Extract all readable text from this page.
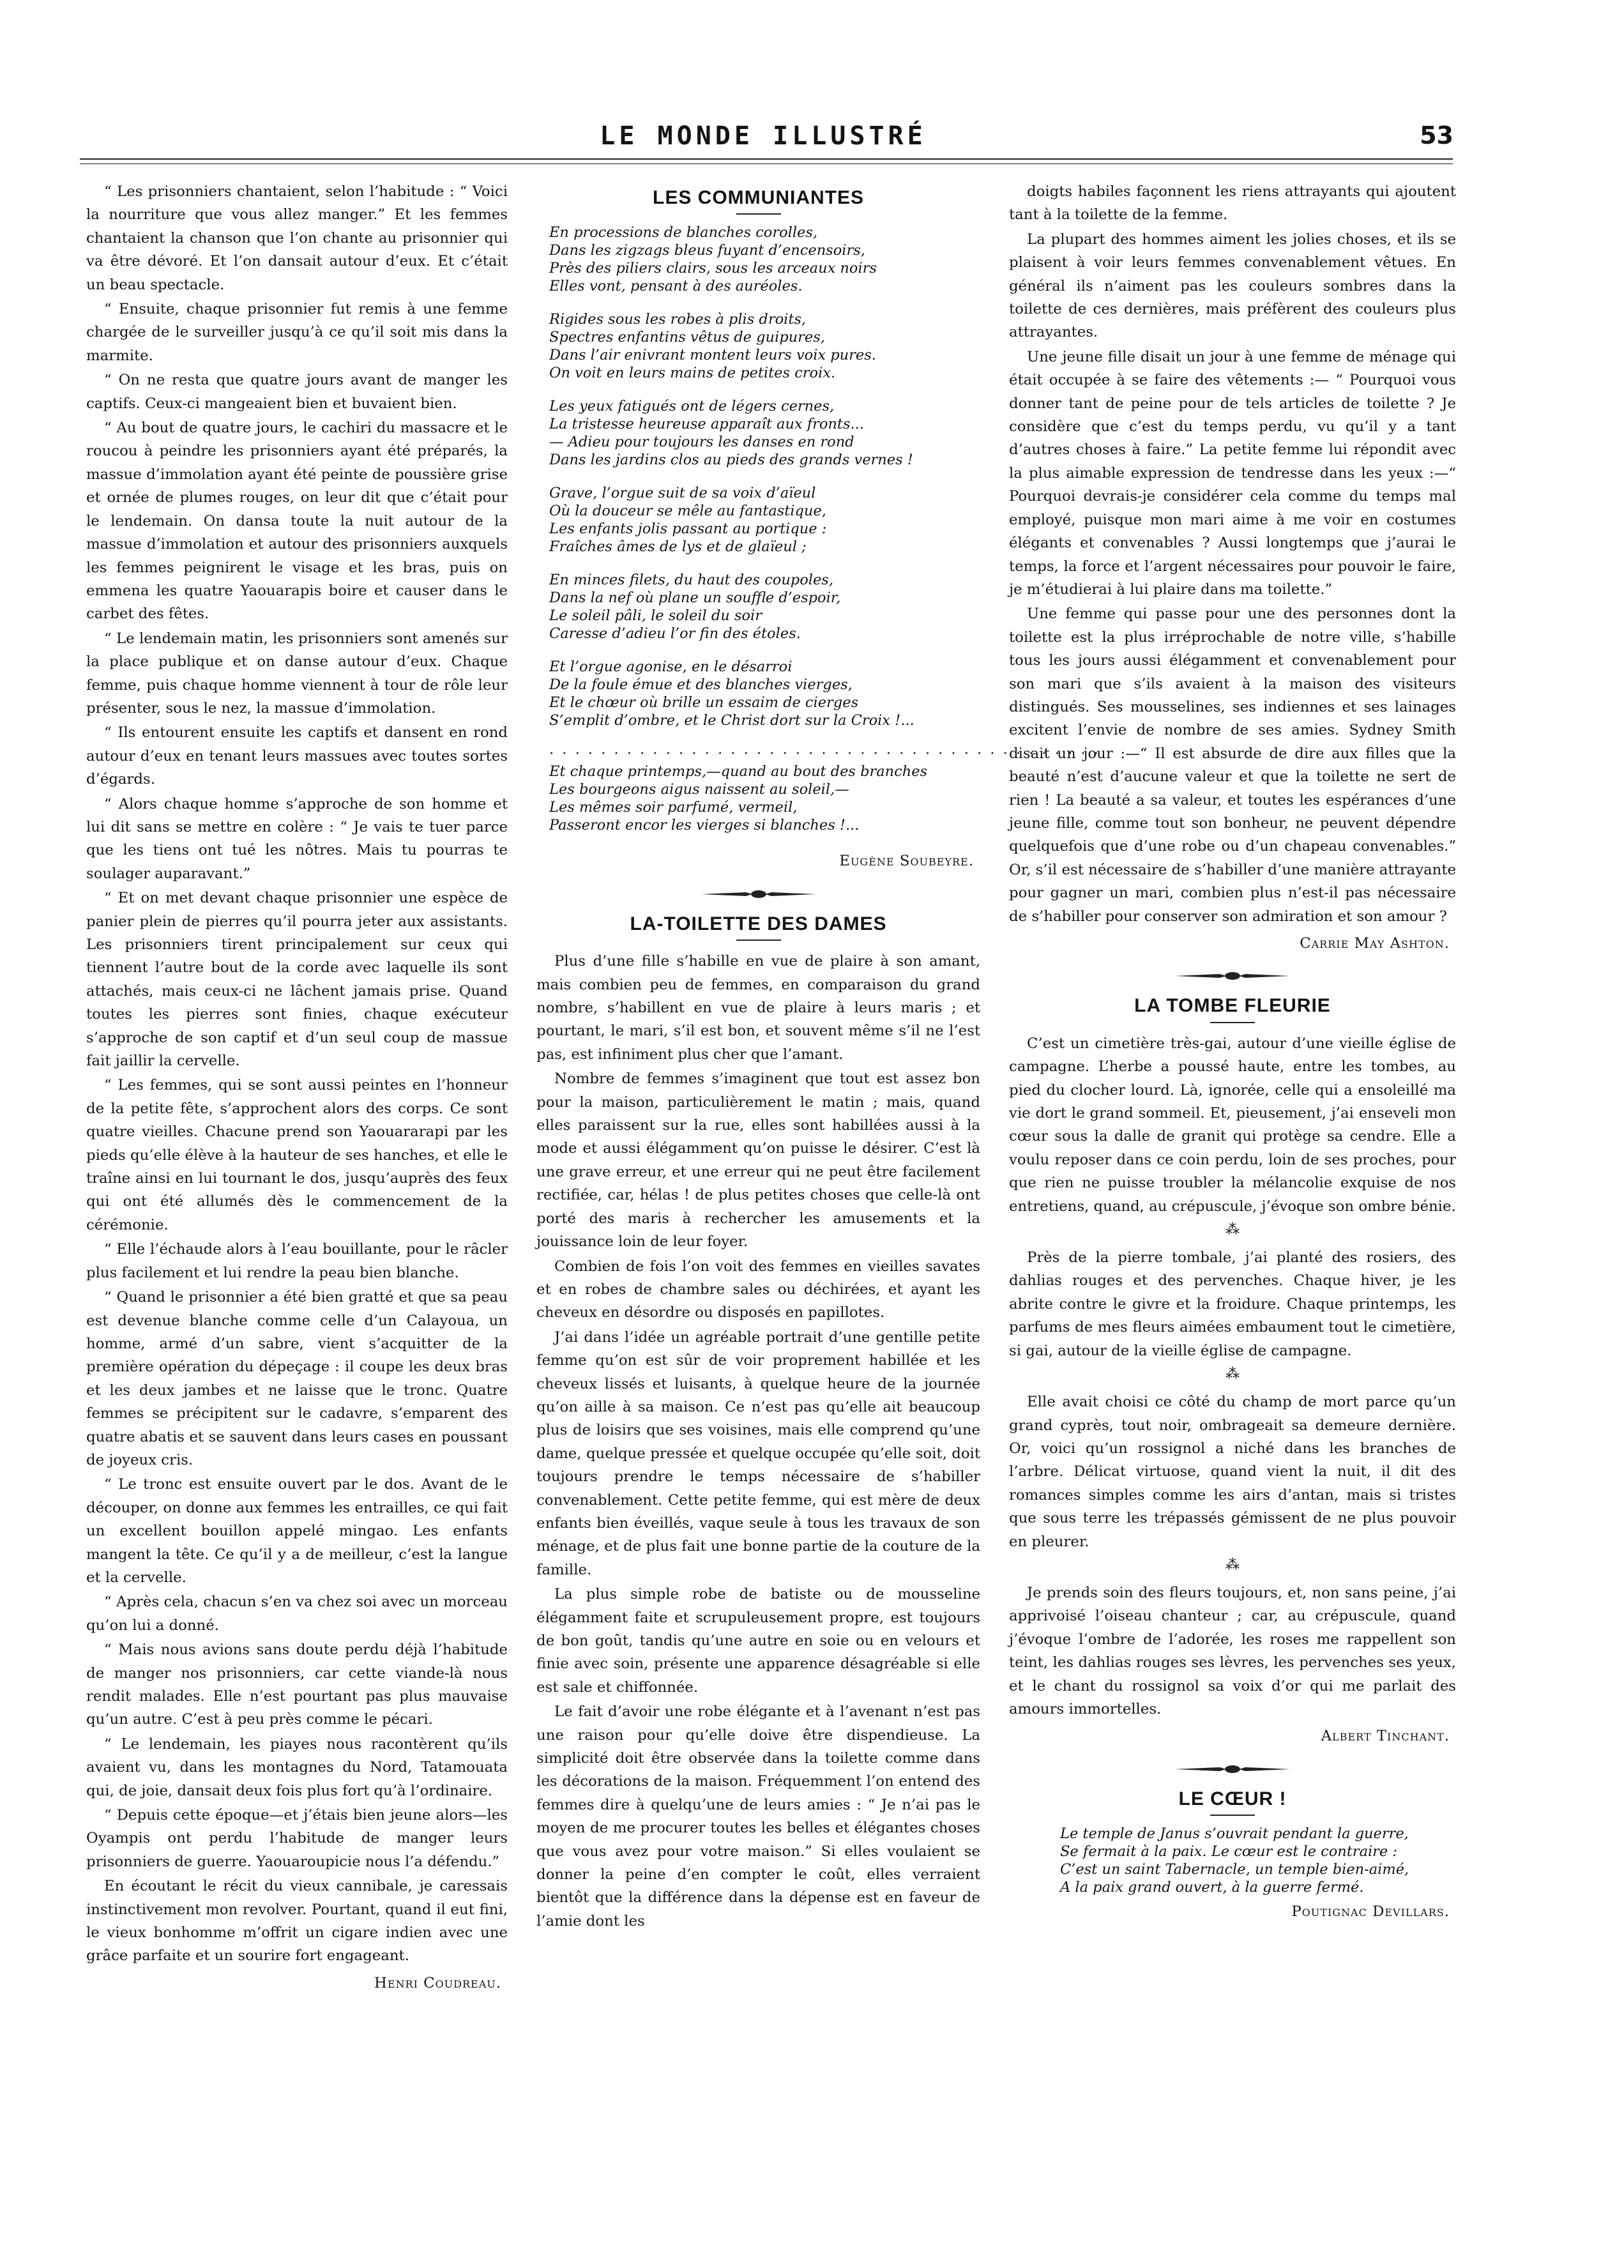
LE MONDE ILLUSTRÉ	53

“ Les prisonniers chantaient, selon l’habitude : “ Voici la nourriture que vous allez manger.” Et les femmes chantaient la chanson que l’on chante au prisonnier qui va être dévoré. Et l’on dansait autour d’eux. Et c’était un beau spectacle.

“ Ensuite, chaque prisonnier fut remis à une femme chargée de le surveiller jusqu’à ce qu’il soit mis dans la marmite.

“ On ne resta que quatre jours avant de manger les captifs. Ceux-ci mangeaient bien et buvaient bien.

“ Au bout de quatre jours, le cachiri du massacre et le roucou à peindre les prisonniers ayant été préparés, la massue d’immolation ayant été peinte de poussière grise et ornée de plumes rouges, on leur dit que c’était pour le lendemain. On dansa toute la nuit autour de la massue d’immolation et autour des prisonniers auxquels les femmes peignirent le visage et les bras, puis on emmena les quatre Yaouarapis boire et causer dans le carbet des fêtes.

“ Le lendemain matin, les prisonniers sont amenés sur la place publique et on danse autour d’eux. Chaque femme, puis chaque homme viennent à tour de rôle leur présenter, sous le nez, la massue d’immolation.

“ Ils entourent ensuite les captifs et dansent en rond autour d’eux en tenant leurs massues avec toutes sortes d’égards.

“ Alors chaque homme s’approche de son homme et lui dit sans se mettre en colère : “ Je vais te tuer parce que les tiens ont tué les nôtres. Mais tu pourras te soulager auparavant.”

“ Et on met devant chaque prisonnier une espèce de panier plein de pierres qu’il pourra jeter aux assistants. Les prisonniers tirent principalement sur ceux qui tiennent l’autre bout de la corde avec laquelle ils sont attachés, mais ceux-ci ne lâchent jamais prise. Quand toutes les pierres sont finies, chaque exécuteur s’approche de son captif et d’un seul coup de massue fait jaillir la cervelle.

“ Les femmes, qui se sont aussi peintes en l’honneur de la petite fête, s’approchent alors des corps. Ce sont quatre vieilles. Chacune prend son Yaouararapi par les pieds qu’elle élève à la hauteur de ses hanches, et elle le traîne ainsi en lui tournant le dos, jusqu’auprès des feux qui ont été allumés dès le commencement de la cérémonie.

“ Elle l’échaude alors à l’eau bouillante, pour le râcler plus facilement et lui rendre la peau bien blanche.

“ Quand le prisonnier a été bien gratté et que sa peau est devenue blanche comme celle d’un Calayoua, un homme, armé d’un sabre, vient s’acquitter de la première opération du dépeçage : il coupe les deux bras et les deux jambes et ne laisse que le tronc. Quatre femmes se précipitent sur le cadavre, s’emparent des quatre abatis et se sauvent dans leurs cases en poussant de joyeux cris.

“ Le tronc est ensuite ouvert par le dos. Avant de le découper, on donne aux femmes les entrailles, ce qui fait un excellent bouillon appelé mingao. Les enfants mangent la tête. Ce qu’il y a de meilleur, c’est la langue et la cervelle.

“ Après cela, chacun s’en va chez soi avec un morceau qu’on lui a donné.

“ Mais nous avions sans doute perdu déjà l’habitude de manger nos prisonniers, car cette viande-là nous rendit malades. Elle n’est pourtant pas plus mauvaise qu’un autre. C’est à peu près comme le pécari.

“ Le lendemain, les piayes nous racontèrent qu’ils avaient vu, dans les montagnes du Nord, Tatamouata qui, de joie, dansait deux fois plus fort qu’à l’ordinaire.

“ Depuis cette époque—et j’étais bien jeune alors—les Oyampis ont perdu l’habitude de manger leurs prisonniers de guerre. Yaouaroupicie nous l’a défendu.”

En écoutant le récit du vieux cannibale, je caressais instinctivement mon revolver. Pourtant, quand il eut fini, le vieux bonhomme m’offrit un cigare indien avec une grâce parfaite et un sourire fort engageant.

Henri Coudreau.
LES COMMUNIANTES
En processions de blanches corolles,
Dans les zigzags bleus fuyant d’encensoirs,
Près des piliers clairs, sous les arceaux noirs
Elles vont, pensant à des auréoles.
Rigides sous les robes à plis droits,
Spectres enfantins vêtus de guipures,
Dans l’air enivrant montent leurs voix pures.
On voit en leurs mains de petites croix.
Les yeux fatigués ont de légers cernes,
La tristesse heureuse apparaît aux fronts...
— Adieu pour toujours les danses en rond
Dans les jardins clos au pieds des grands vernes !
Grave, l’orgue suit de sa voix d’aïeul
Où la douceur se mêle au fantastique,
Les enfants jolis passant au portique :
Fraîches âmes de lys et de glaïeul ;
En minces filets, du haut des coupoles,
Dans la nef où plane un souffle d’espoir,
Le soleil pâli, le soleil du soir
Caresse d’adieu l’or fin des étoles.
Et l’orgue agonise, en le désarroi
De la foule émue et des blanches vierges,
Et le chœur où brille un essaim de cierges
S’emplit d’ombre, et le Christ dort sur la Croix !...
· · · · · · · · · · · · · · · · · · · · · · · · · · · · · · · · · · · · · · · · · · ·
Et chaque printemps,—quand au bout des branches
Les bourgeons aigus naissent au soleil,—
Les mêmes soir parfumé, vermeil,
Passeront encor les vierges si blanches !...
Eugène Soubeyre.
LA-TOILETTE DES DAMES

Plus d’une fille s’habille en vue de plaire à son amant, mais combien peu de femmes, en comparaison du grand nombre, s’habillent en vue de plaire à leurs maris ; et pourtant, le mari, s’il est bon, et souvent même s’il ne l’est pas, est infiniment plus cher que l’amant.

Nombre de femmes s’imaginent que tout est assez bon pour la maison, particulièrement le matin ; mais, quand elles paraissent sur la rue, elles sont habillées aussi à la mode et aussi élégamment qu’on puisse le désirer. C’est là une grave erreur, et une erreur qui ne peut être facilement rectifiée, car, hélas ! de plus petites choses que celle-là ont porté des maris à rechercher les amusements et la jouissance loin de leur foyer.

Combien de fois l’on voit des femmes en vieilles savates et en robes de chambre sales ou déchirées, et ayant les cheveux en désordre ou disposés en papillotes.

J’ai dans l’idée un agréable portrait d’une gentille petite femme qu’on est sûr de voir proprement habillée et les cheveux lissés et luisants, à quelque heure de la journée qu’on aille à sa maison. Ce n’est pas qu’elle ait beaucoup plus de loisirs que ses voisines, mais elle comprend qu’une dame, quelque pressée et quelque occupée qu’elle soit, doit toujours prendre le temps nécessaire de s’habiller convenablement. Cette petite femme, qui est mère de deux enfants bien éveillés, vaque seule à tous les travaux de son ménage, et de plus fait une bonne partie de la couture de la famille.

La plus simple robe de batiste ou de mousseline élégamment faite et scrupuleusement propre, est toujours de bon goût, tandis qu’une autre en soie ou en velours et finie avec soin, présente une apparence désagréable si elle est sale et chiffonnée.

Le fait d’avoir une robe élégante et à l’avenant n’est pas une raison pour qu’elle doive être dispendieuse. La simplicité doit être observée dans la toilette comme dans les décorations de la maison. Fréquemment l’on entend des femmes dire à quelqu’une de leurs amies : “ Je n’ai pas le moyen de me procurer toutes les belles et élégantes choses que vous avez pour votre maison.” Si elles voulaient se donner la peine d’en compter le coût, elles verraient bientôt que la différence dans la dépense est en faveur de l’amie dont les

doigts habiles façonnent les riens attrayants qui ajoutent tant à la toilette de la femme.

La plupart des hommes aiment les jolies choses, et ils se plaisent à voir leurs femmes convenablement vêtues. En général ils n’aiment pas les couleurs sombres dans la toilette de ces dernières, mais préfèrent des couleurs plus attrayantes.

Une jeune fille disait un jour à une femme de ménage qui était occupée à se faire des vêtements :— “ Pourquoi vous donner tant de peine pour de tels articles de toilette ? Je considère que c’est du temps perdu, vu qu’il y a tant d’autres choses à faire.” La petite femme lui répondit avec la plus aimable expression de tendresse dans les yeux :—“ Pourquoi devrais-je considérer cela comme du temps mal employé, puisque mon mari aime à me voir en costumes élégants et convenables ? Aussi longtemps que j’aurai le temps, la force et l’argent nécessaires pour pouvoir le faire, je m’étudierai à lui plaire dans ma toilette.”

Une femme qui passe pour une des personnes dont la toilette est la plus irréprochable de notre ville, s’habille tous les jours aussi élégamment et convenablement pour son mari que s’ils avaient à la maison des visiteurs distingués. Ses mousselines, ses indiennes et ses lainages excitent l’envie de nombre de ses amies. Sydney Smith disait un jour :—“ Il est absurde de dire aux filles que la beauté n’est d’aucune valeur et que la toilette ne sert de rien ! La beauté a sa valeur, et toutes les espérances d’une jeune fille, comme tout son bonheur, ne peuvent dépendre quelquefois que d’une robe ou d’un chapeau convenables.” Or, s’il est nécessaire de s’habiller d’une manière attrayante pour gagner un mari, combien plus n’est-il pas nécessaire de s’habiller pour conserver son admiration et son amour ?

Carrie May Ashton.
LA TOMBE FLEURIE

C’est un cimetière très-gai, autour d’une vieille église de campagne. L’herbe a poussé haute, entre les tombes, au pied du clocher lourd. Là, ignorée, celle qui a ensoleillé ma vie dort le grand sommeil. Et, pieusement, j’ai enseveli mon cœur sous la dalle de granit qui protège sa cendre. Elle a voulu reposer dans ce coin perdu, loin de ses proches, pour que rien ne puisse troubler la mélancolie exquise de nos entretiens, quand, au crépuscule, j’évoque son ombre bénie.

⁂

Près de la pierre tombale, j’ai planté des rosiers, des dahlias rouges et des pervenches. Chaque hiver, je les abrite contre le givre et la froidure. Chaque printemps, les parfums de mes fleurs aimées embaument tout le cimetière, si gai, autour de la vieille église de campagne.

⁂

Elle avait choisi ce côté du champ de mort parce qu’un grand cyprès, tout noir, ombrageait sa demeure dernière. Or, voici qu’un rossignol a niché dans les branches de l’arbre. Délicat virtuose, quand vient la nuit, il dit des romances simples comme les airs d’antan, mais si tristes que sous terre les trépassés gémissent de ne plus pouvoir en pleurer.

⁂

Je prends soin des fleurs toujours, et, non sans peine, j’ai apprivoisé l’oiseau chanteur ; car, au crépuscule, quand j’évoque l’ombre de l’adorée, les roses me rappellent son teint, les dahlias rouges ses lèvres, les pervenches ses yeux, et le chant du rossignol sa voix d’or qui me parlait des amours immortelles.

Albert Tinchant.
LE CŒUR !
Le temple de Janus s’ouvrait pendant la guerre,
Se fermait à la paix. Le cœur est le contraire :
C’est un saint Tabernacle, un temple bien-aimé,
A la paix grand ouvert, à la guerre fermé.
Poutignac Devillars.
